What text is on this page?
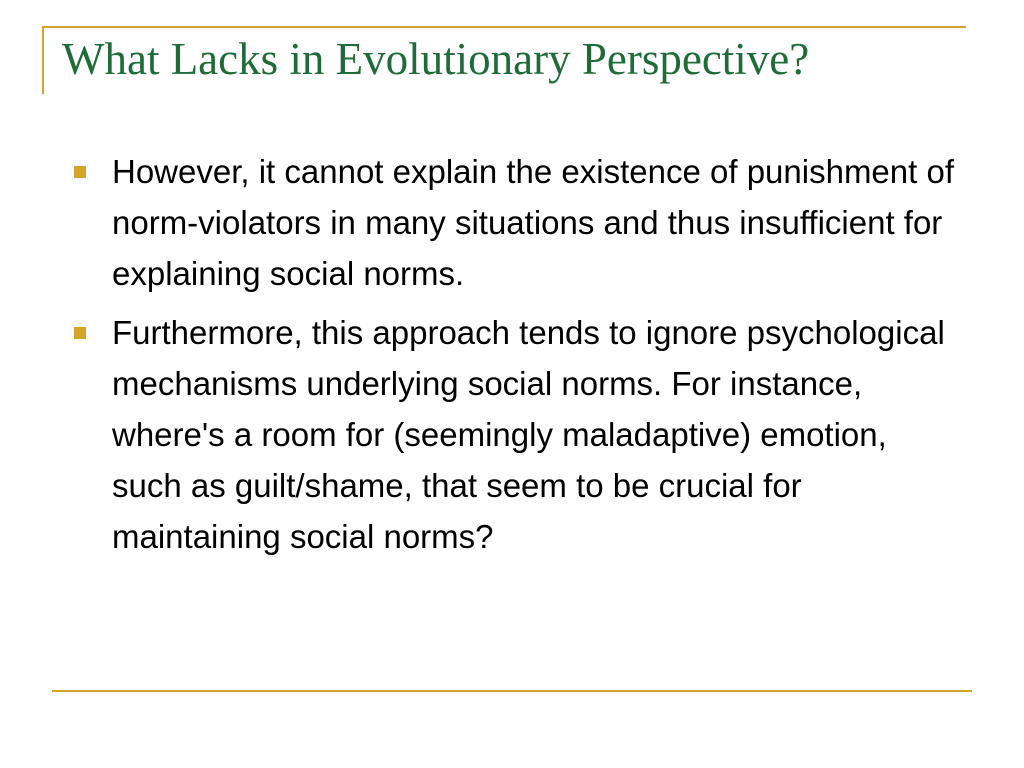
What Lacks in Evolutionary Perspective?
However, it cannot explain the existence of punishment of norm-violators in many situations and thus insufficient for explaining social norms.
Furthermore, this approach tends to ignore psychological mechanisms underlying social norms. For instance, where's a room for (seemingly maladaptive) emotion, such as guilt/shame, that seem to be crucial for maintaining social norms?
